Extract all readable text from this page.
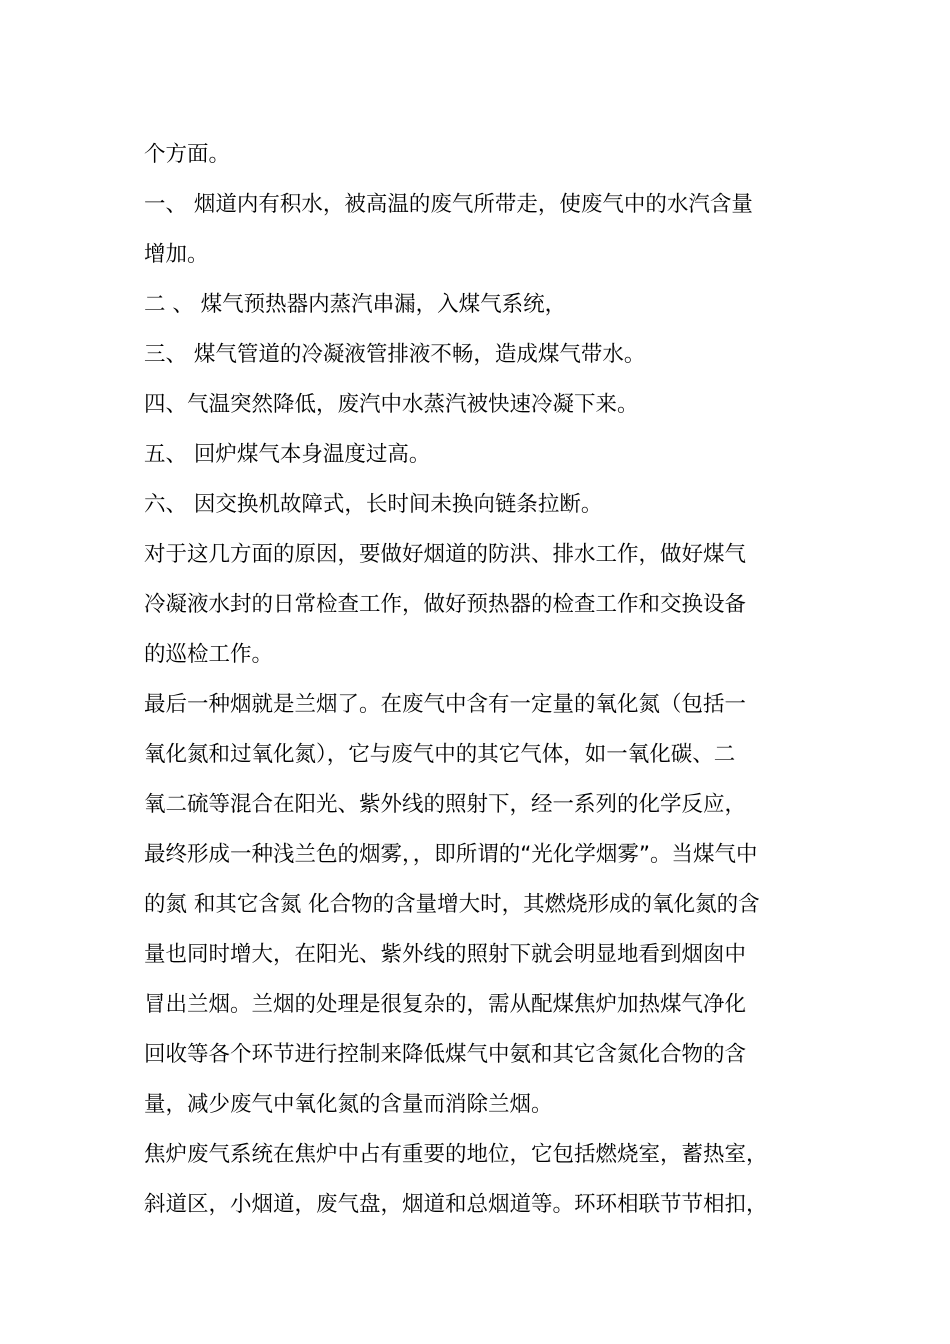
个方面。
一、 烟道内有积水，被高温的废气所带走，使废气中的水汽含量
增加。
二 、 煤气预热器内蒸汽串漏，入煤气系统，
三、 煤气管道的冷凝液管排液不畅，造成煤气带水。
四、气温突然降低，废汽中水蒸汽被快速冷凝下来。
五、 回炉煤气本身温度过高。
六、 因交换机故障式，长时间未换向链条拉断。
对于这几方面的原因，要做好烟道的防洪、排水工作，做好煤气
冷凝液水封的日常检查工作，做好预热器的检查工作和交换设备
的巡检工作。
最后一种烟就是兰烟了。在废气中含有一定量的氧化氮（包括一
氧化氮和过氧化氮），它与废气中的其它气体，如一氧化碳、二
氧二硫等混合在阳光、紫外线的照射下，经一系列的化学反应，
最终形成一种浅兰色的烟雾，，即所谓的“光化学烟雾”。当煤气中
的氮 和其它含氮 化合物的含量增大时，其燃烧形成的氧化氮的含
量也同时增大，在阳光、紫外线的照射下就会明显地看到烟囱中
冒出兰烟。兰烟的处理是很复杂的，需从配煤焦炉加热煤气净化
回收等各个环节进行控制来降低煤气中氨和其它含氮化合物的含
量，减少废气中氧化氮的含量而消除兰烟。
焦炉废气系统在焦炉中占有重要的地位，它包括燃烧室，蓄热室，
斜道区，小烟道，废气盘，烟道和总烟道等。环环相联节节相扣，
